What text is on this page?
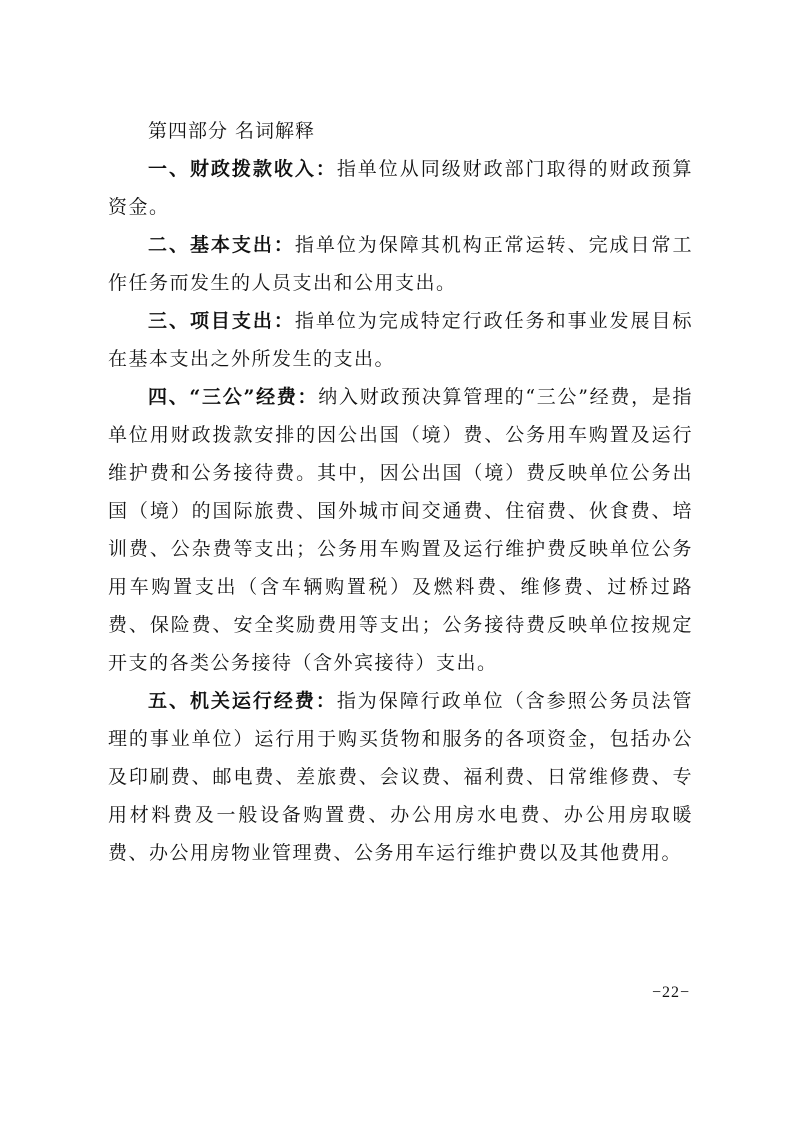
第四部分 名词解释

一、财政拨款收入：指单位从同级财政部门取得的财政预算资金。

二、基本支出：指单位为保障其机构正常运转、完成日常工作任务而发生的人员支出和公用支出。

三、项目支出：指单位为完成特定行政任务和事业发展目标在基本支出之外所发生的支出。

四、“三公”经费：纳入财政预决算管理的“三公”经费，是指单位用财政拨款安排的因公出国（境）费、公务用车购置及运行维护费和公务接待费。其中，因公出国（境）费反映单位公务出国（境）的国际旅费、国外城市间交通费、住宿费、伙食费、培训费、公杂费等支出；公务用车购置及运行维护费反映单位公务用车购置支出（含车辆购置税）及燃料费、维修费、过桥过路费、保险费、安全奖励费用等支出；公务接待费反映单位按规定开支的各类公务接待（含外宾接待）支出。

五、机关运行经费：指为保障行政单位（含参照公务员法管理的事业单位）运行用于购买货物和服务的各项资金，包括办公及印刷费、邮电费、差旅费、会议费、福利费、日常维修费、专用材料费及一般设备购置费、办公用房水电费、办公用房取暖费、办公用房物业管理费、公务用车运行维护费以及其他费用。

−22−
